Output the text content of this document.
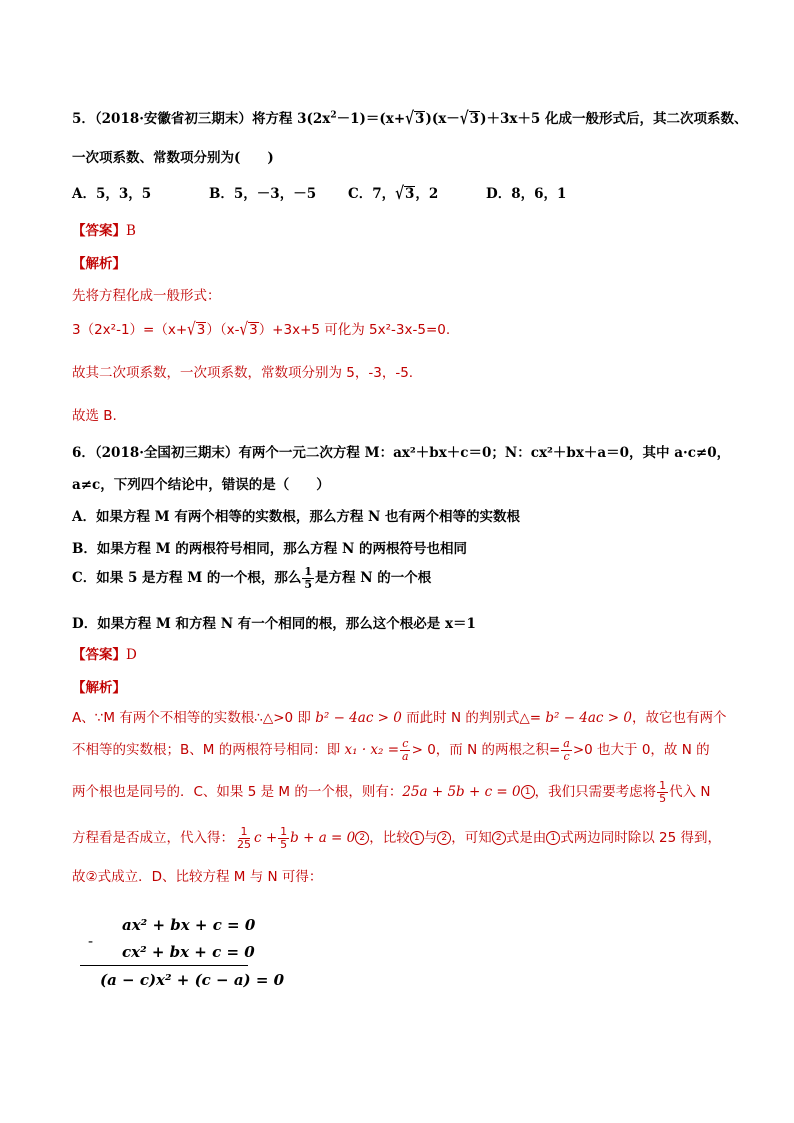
5．（2018·安徽省初三期末）将方程 $3(2x^2-1)=(x+√3)(x-√3)+3x+5$ 化成一般形式后，其二次项系数、
一次项系数、常数项分别为(　　)
A．5，3，5	B．5，－3，－5 C．7，√3，2	D．8，6，1
【答案】B
【解析】
先将方程化成一般形式：
3（2x²-1）=（x+√3）（x-√3）+3x+5 可化为 5x²-3x-5=0.
故其二次项系数，一次项系数，常数项分别为 5，-3，-5.
故选 B.
6．（2018·全国初三期末）有两个一元二次方程 M：ax²＋bx＋c＝0；N：cx²＋bx＋a＝0，其中 a·c≠0，
a≠c，下列四个结论中，错误的是（　　）
A．如果方程 M 有两个相等的实数根，那么方程 N 也有两个相等的实数根
B．如果方程 M 的两根符号相同，那么方程 N 的两根符号也相同
C．如果 5 是方程 M 的一个根，那么 $\frac{1}{5}$ 是方程 N 的一个根
D．如果方程 M 和方程 N 有一个相同的根，那么这个根必是 x＝1
【答案】D
【解析】
A、∵M 有两个不相等的实数根∴△>0 即 b² − 4ac > 0 而此时 N 的判别式△= b² − 4ac > 0，故它也有两个
不相等的实数根；B、M 的两根符号相同：即 $x_1 \cdot x_2 = \frac{c}{a} > 0$，而 N 的两根之积= $\frac{a}{c} >0$ 也大于 0，故 N 的
两个根也是同号的．C、如果 5 是 M 的一个根，则有：25a + 5b + c = 0 1 ，我们只需要考虑将 $\frac{1}{5}$ 代入 N
方程看是否成立，代入得： $\frac{1}{25}$ $c + \frac{1}{5}$ b + a = 0 2 ，比较 1 与 2 ，可知 2 式是由 1 式两边同时除以 25 得到，
故②式成立．D、比较方程 M 与 N 可得：
ax² + bx + c = 0
-
cx² + bx + c = 0
(a − c)x² + (c − a) = 0
